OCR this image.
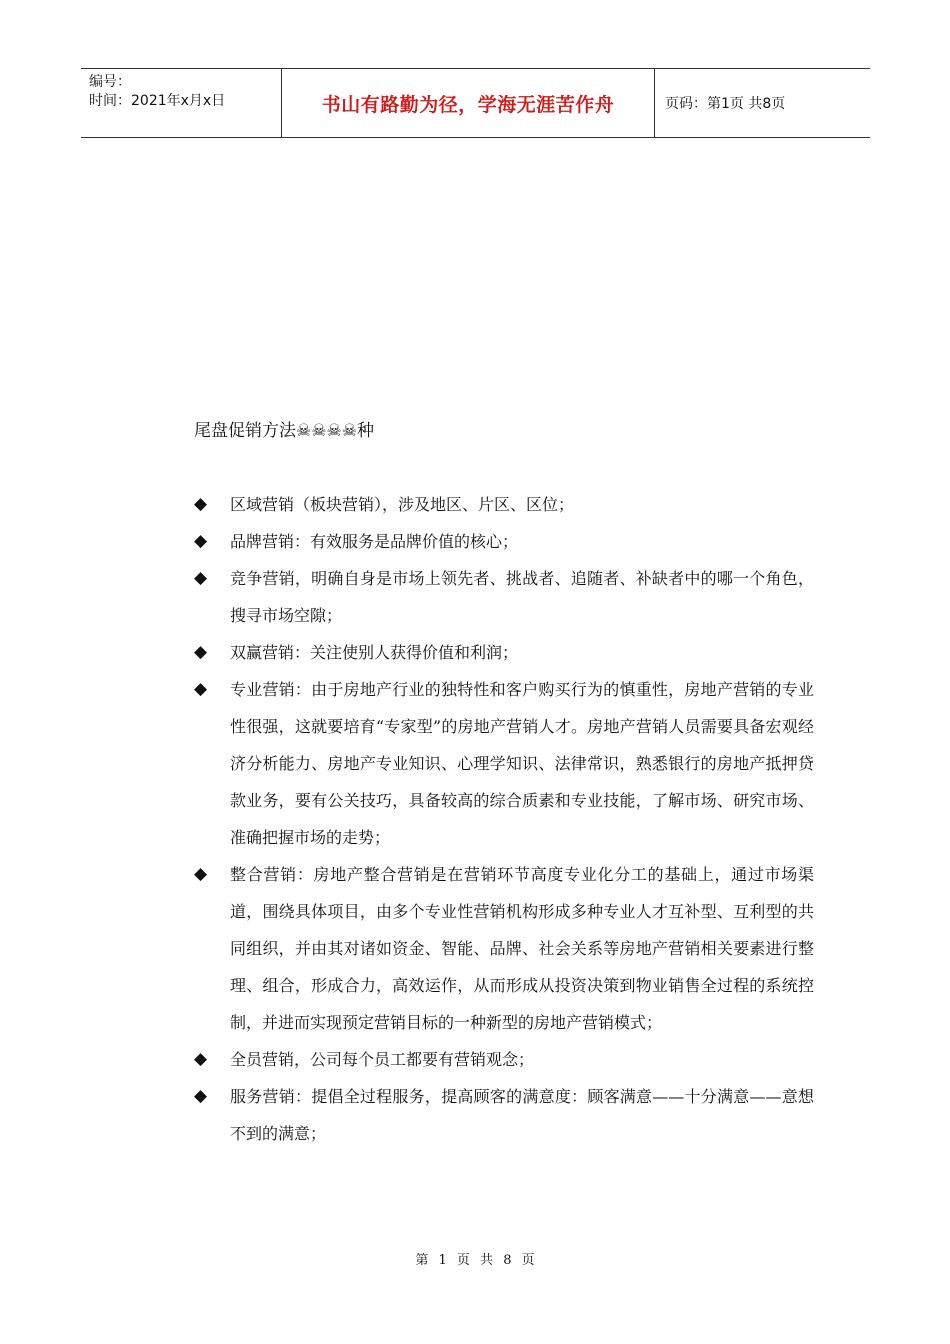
编号：
时间：2021年x月x日	书山有路勤为径，学海无涯苦作舟	页码：第1页 共8页
尾盘促销方法☠☠☠☠种
◆ 区域营销（板块营销），涉及地区、片区、区位；
◆ 品牌营销：有效服务是品牌价值的核心；
◆ 竞争营销，明确自身是市场上领先者、挑战者、追随者、补缺者中的哪一个角色，搜寻市场空隙；
◆ 双赢营销：关注使别人获得价值和利润；
◆ 专业营销：由于房地产行业的独特性和客户购买行为的慎重性，房地产营销的专业性很强，这就要培育“专家型”的房地产营销人才。房地产营销人员需要具备宏观经济分析能力、房地产专业知识、心理学知识、法律常识，熟悉银行的房地产抵押贷款业务，要有公关技巧，具备较高的综合质素和专业技能，了解市场、研究市场、准确把握市场的走势；
◆ 整合营销：房地产整合营销是在营销环节高度专业化分工的基础上，通过市场渠道，围绕具体项目，由多个专业性营销机构形成多种专业人才互补型、互利型的共同组织，并由其对诸如资金、智能、品牌、社会关系等房地产营销相关要素进行整理、组合，形成合力，高效运作，从而形成从投资决策到物业销售全过程的系统控制，并进而实现预定营销目标的一种新型的房地产营销模式；
◆ 全员营销，公司每个员工都要有营销观念；
◆ 服务营销：提倡全过程服务，提高顾客的满意度：顾客满意——十分满意——意想不到的满意；
第 1 页 共 8 页
